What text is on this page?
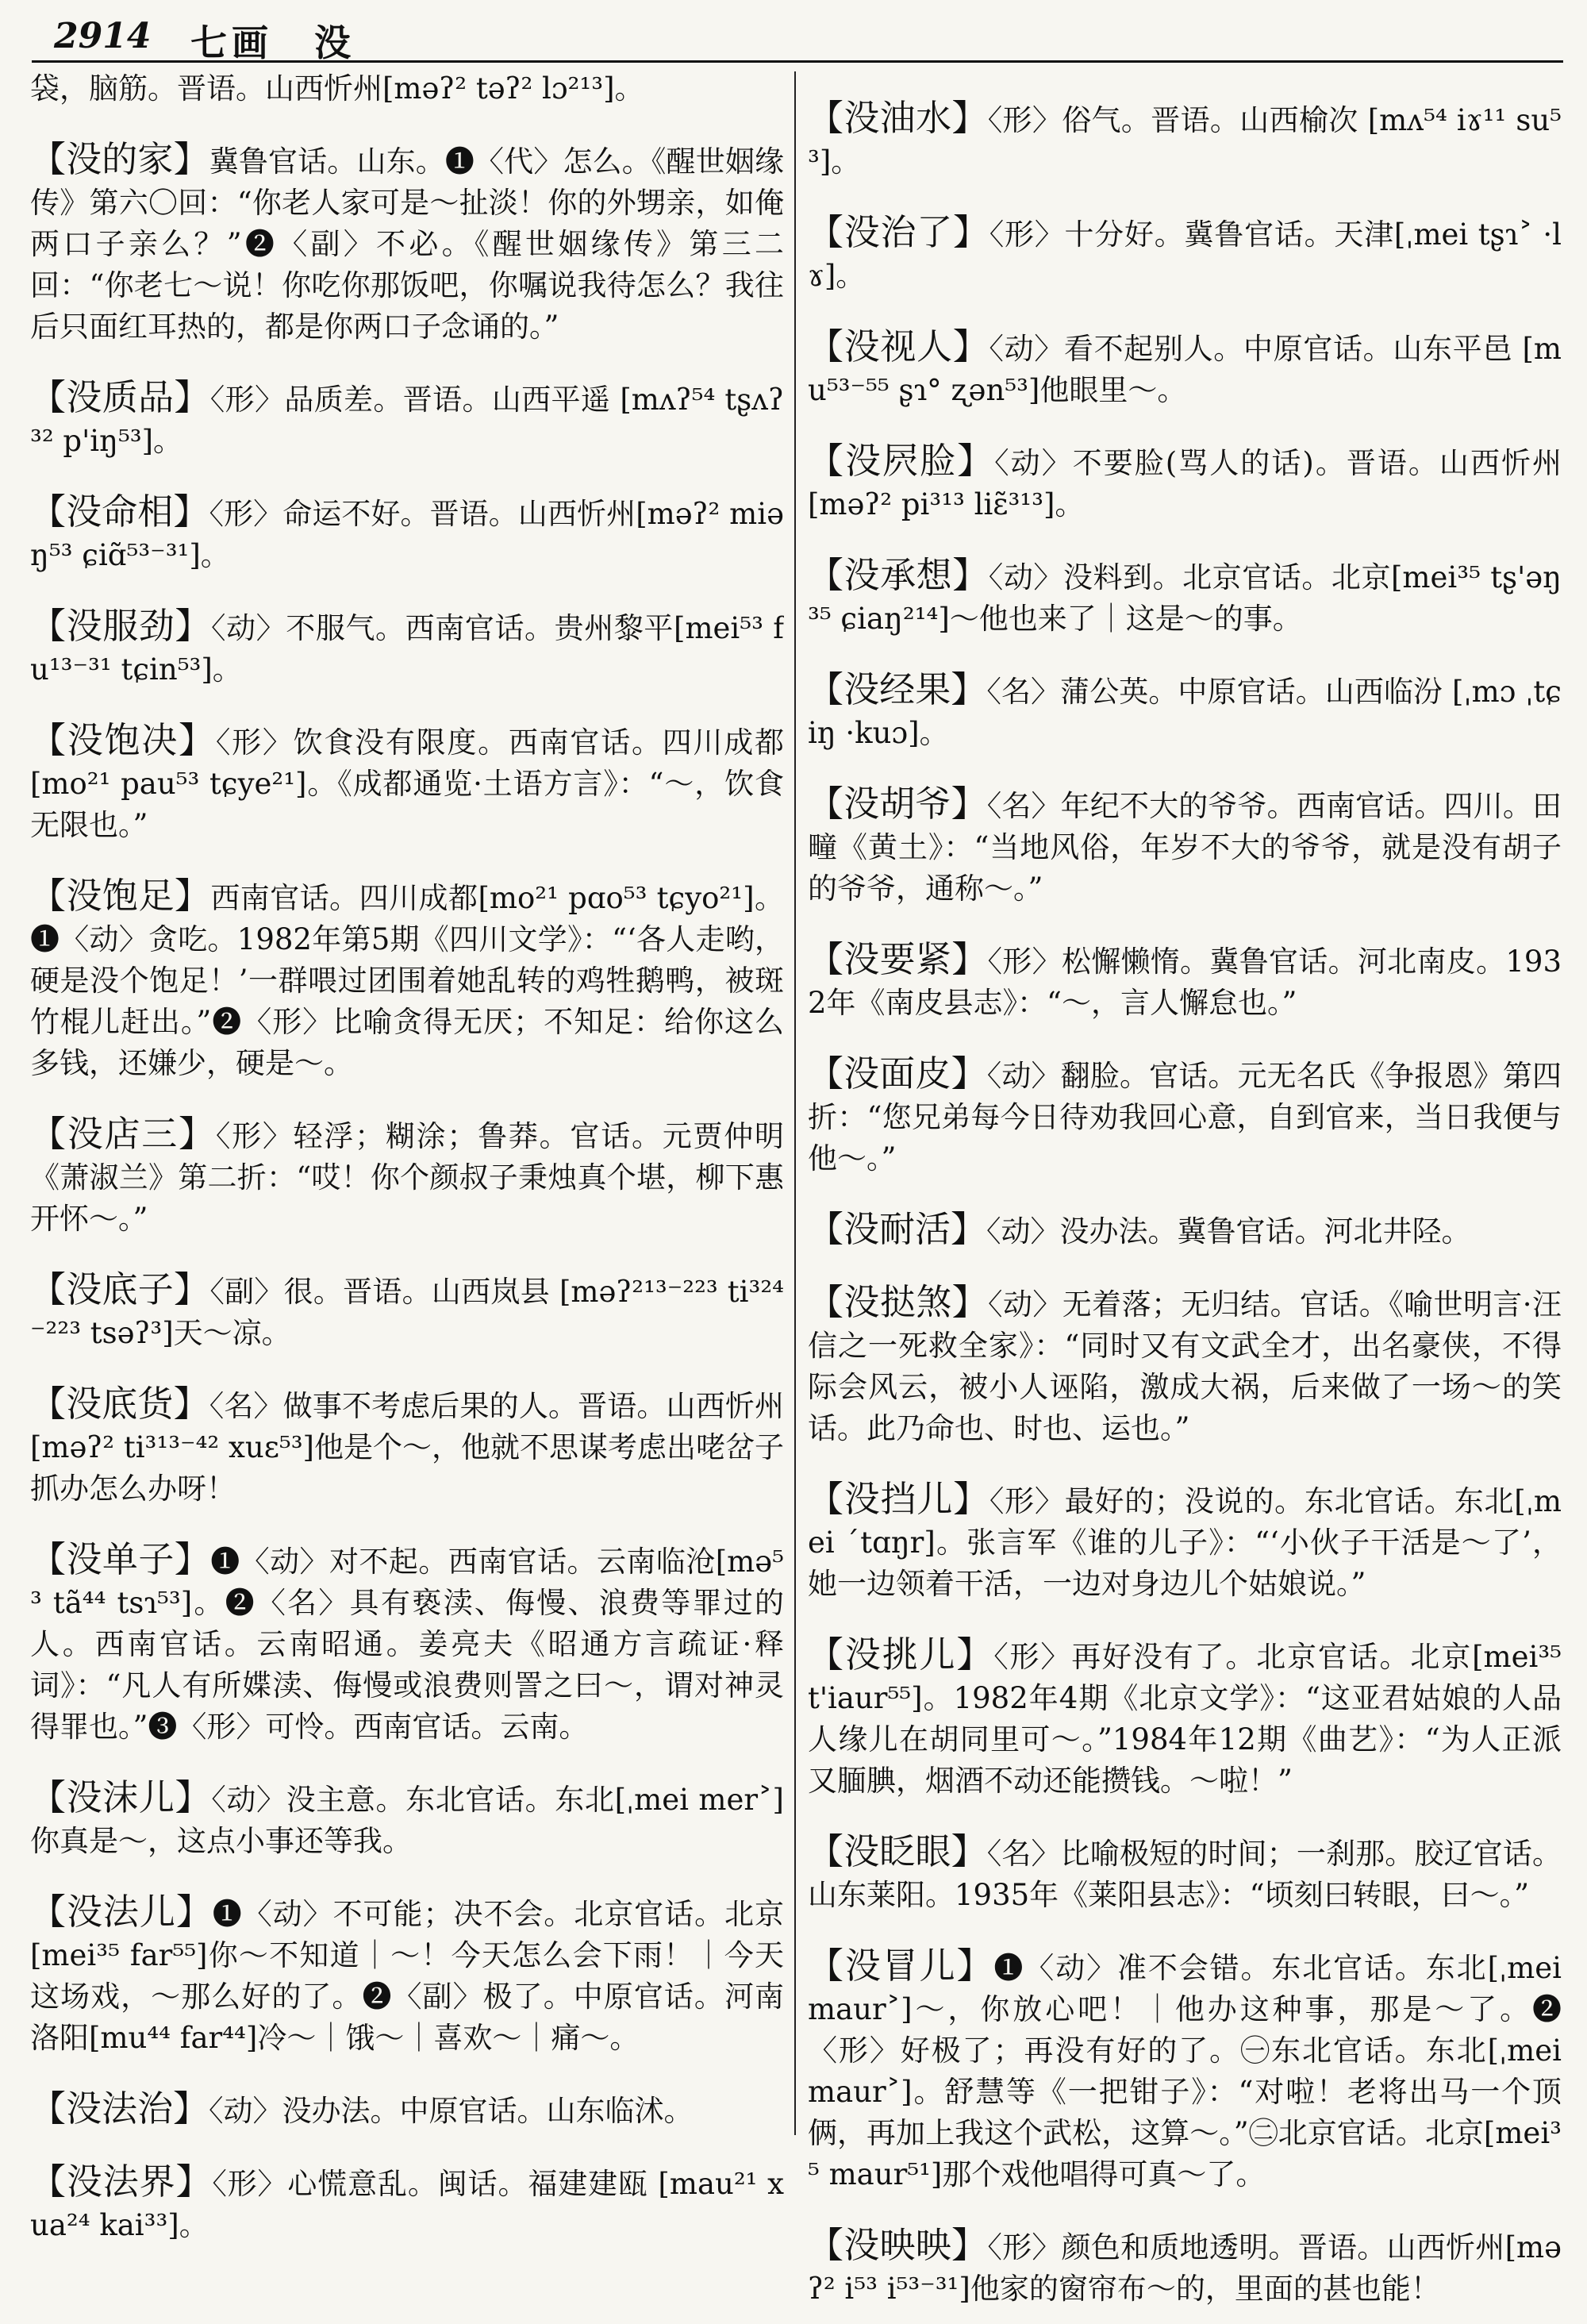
2914 七画　没
袋，脑筋。晋语。山西忻州[məʔ² təʔ² lɔ²¹³]。

【没的家】冀鲁官话。山东。❶〈代〉怎么。《醒世姻缘传》第六〇回：“你老人家可是～扯淡！你的外甥亲，如俺两口子亲么？”❷〈副〉不必。《醒世姻缘传》第三二回：“你老七～说！你吃你那饭吧，你嘱说我待怎么？我往后只面红耳热的，都是你两口子念诵的。”

【没质品】〈形〉品质差。晋语。山西平遥 [mʌʔ⁵⁴ tʂʌʔ³² p'iŋ⁵³]。

【没命相】〈形〉命运不好。晋语。山西忻州[məʔ² miəŋ⁵³ ɕiɑ̃⁵³⁻³¹]。

【没服劲】〈动〉不服气。西南官话。贵州黎平[mei⁵³ fu¹³⁻³¹ tɕin⁵³]。

【没饱决】〈形〉饮食没有限度。西南官话。四川成都[mo²¹ pau⁵³ tɕye²¹]。《成都通览·土语方言》：“～，饮食无限也。”

【没饱足】西南官话。四川成都[mo²¹ pɑo⁵³ tɕyo²¹]。❶〈动〉贪吃。1982年第5期《四川文学》：“‘各人走哟，硬是没个饱足！’一群喂过团围着她乱转的鸡牲鹅鸭，被斑竹棍儿赶出。”❷〈形〉比喻贪得无厌；不知足：给你这么多钱，还嫌少，硬是～。

【没店三】〈形〉轻浮；糊涂；鲁莽。官话。元贾仲明《萧淑兰》第二折：“哎！你个颜叔子秉烛真个堪，柳下惠开怀～。”

【没底子】〈副〉很。晋语。山西岚县 [məʔ²¹³⁻²²³ ti³²⁴⁻²²³ tsəʔ³]天～凉。

【没底货】〈名〉做事不考虑后果的人。晋语。山西忻州[məʔ² ti³¹³⁻⁴² xuɛ⁵³]他是个～，他就不思谋考虑出咾岔子抓办怎么办呀！

【没单子】❶〈动〉对不起。西南官话。云南临沧[mə⁵³ tã⁴⁴ tsɿ⁵³]。❷〈名〉具有亵渎、侮慢、浪费等罪过的人。西南官话。云南昭通。姜亮夫《昭通方言疏证·释词》：“凡人有所媟渎、侮慢或浪费则詈之曰～，谓对神灵得罪也。”❸〈形〉可怜。西南官话。云南。

【没沫儿】〈动〉没主意。东北官话。东北[ˌmei mer˃]你真是～，这点小事还等我。

【没法儿】❶〈动〉不可能；决不会。北京官话。北京[mei³⁵ far⁵⁵]你～不知道｜～！今天怎么会下雨！｜今天这场戏，～那么好的了。❷〈副〉极了。中原官话。河南洛阳[mu⁴⁴ far⁴⁴]冷～｜饿～｜喜欢～｜痛～。

【没法治】〈动〉没办法。中原官话。山东临沭。

【没法界】〈形〉心慌意乱。闽话。福建建瓯 [mau²¹ xua²⁴ kai³³]。

【没油水】〈形〉俗气。晋语。山西榆次 [mʌ⁵⁴ iɤ¹¹ su⁵³]。

【没治了】〈形〉十分好。冀鲁官话。天津[ˌmei tʂɿ˃ ·lɤ]。

【没视人】〈动〉看不起别人。中原官话。山东平邑 [mu⁵³⁻⁵⁵ ʂɿ° ʐən⁵³]他眼里～。

【没屄脸】〈动〉不要脸(骂人的话)。晋语。山西忻州 [məʔ² pi³¹³ liɛ̃³¹³]。

【没承想】〈动〉没料到。北京官话。北京[mei³⁵ tʂ'əŋ³⁵ ɕiaŋ²¹⁴]～他也来了｜这是～的事。

【没经果】〈名〉蒲公英。中原官话。山西临汾 [ˌmɔ ˌtɕiŋ ·kuɔ]。

【没胡爷】〈名〉年纪不大的爷爷。西南官话。四川。田疃《黄土》：“当地风俗，年岁不大的爷爷，就是没有胡子的爷爷，通称～。”

【没要紧】〈形〉松懈懒惰。冀鲁官话。河北南皮。1932年《南皮县志》：“～，言人懈怠也。”

【没面皮】〈动〉翻脸。官话。元无名氏《争报恩》第四折：“您兄弟每今日待劝我回心意，自到官来，当日我便与他～。”

【没耐活】〈动〉没办法。冀鲁官话。河北井陉。

【没挞煞】〈动〉无着落；无归结。官话。《喻世明言·汪信之一死救全家》：“同时又有文武全才，出名豪侠，不得际会风云，被小人诬陷，激成大祸，后来做了一场～的笑话。此乃命也、时也、运也。”

【没挡儿】〈形〉最好的；没说的。东北官话。东北[ˌmei ˊtɑŋr]。张言军《谁的儿子》：“‘小伙子干活是～了’，她一边领着干活，一边对身边儿个姑娘说。”

【没挑儿】〈形〉再好没有了。北京官话。北京[mei³⁵ t'iaur⁵⁵]。1982年4期《北京文学》：“这亚君姑娘的人品人缘儿在胡同里可～。”1984年12期《曲艺》：“为人正派又腼腆，烟酒不动还能攒钱。～啦！”

【没眨眼】〈名〉比喻极短的时间；一刹那。胶辽官话。山东莱阳。1935年《莱阳县志》：“顷刻曰转眼，曰～。”

【没冒儿】❶〈动〉准不会错。东北官话。东北[ˌmei maur˃]～，你放心吧！｜他办这种事，那是～了。❷〈形〉好极了；再没有好的了。㊀东北官话。东北[ˌmei maur˃]。舒慧等《一把钳子》：“对啦！老将出马一个顶俩，再加上我这个武松，这算～。”㊁北京官话。北京[mei³⁵ maur⁵¹]那个戏他唱得可真～了。

【没映映】〈形〉颜色和质地透明。晋语。山西忻州[məʔ² i⁵³ i⁵³⁻³¹]他家的窗帘布～的，里面的甚也能！
